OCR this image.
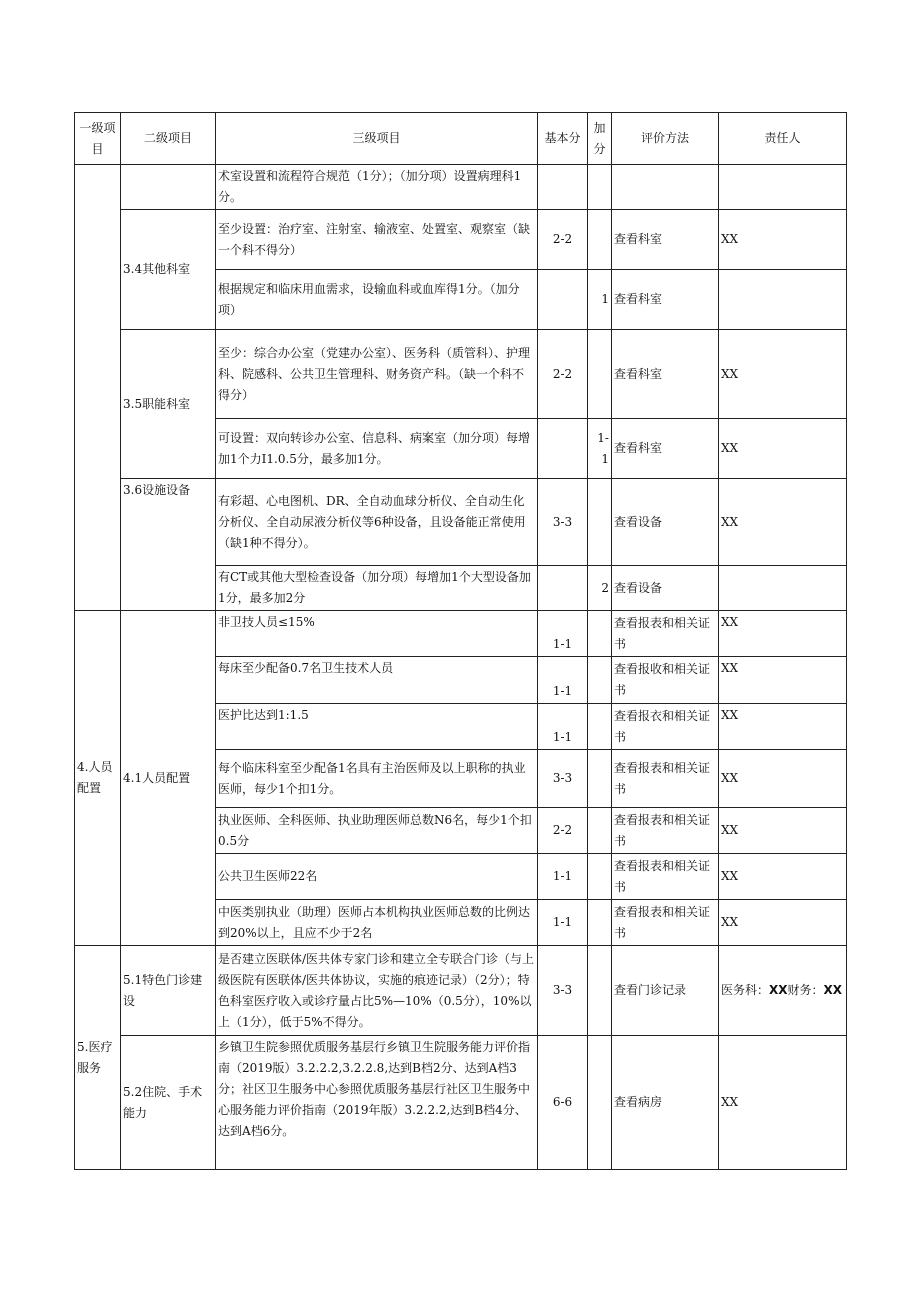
一级项目	二级项目	三级项目	基本分	加分	评价方法	责任人
		术室设置和流程符合规范（1分）；（加分项）设置病理科1分。				
	3.4其他科室	至少设置：治疗室、注射室、输液室、处置室、观察室（缺一个科不得分）	2-2		查看科室	XX
		根据规定和临床用血需求，设输血科或血库得1分。（加分项）		1	查看科室	
	3.5职能科室	至少：综合办公室（党建办公室）、医务科（质管科）、护理科、院感科、公共卫生管理科、财务资产科。（缺一个科不得分）	2-2		查看科室	XX
		可设置：双向转诊办公室、信息科、病案室（加分项）每增加1个力I1.0.5分，最多加1分。		1-1	查看科室	XX
	3.6设施设备	有彩超、心电图机、DR、全自动血球分析仪、全自动生化分析仪、全自动尿液分析仪等6种设备，且设备能正常使用（缺1种不得分）。	3-3		查看设备	XX
		有CT或其他大型检查设备（加分项）每增加1个大型设备加1分，最多加2分		2	查看设备	
4.人员配置	4.1人员配置	非卫技人员≤15%	1-1		查看报表和相关证书	XX
		每床至少配备0.7名卫生技术人员	1-1		查看报收和相关证书	XX
		医护比达到1:1.5	1-1		查看报衣和相关证书	XX
		每个临床科室至少配备1名具有主治医师及以上职称的执业医师，每少1个扣1分。	3-3		查看报表和相关证书	XX
		执业医师、全科医师、执业助理医师总数N6名，每少1个扣0.5分	2-2		查看报表和相关证书	XX
		公共卫生医师22名	1-1		查看报表和相关证书	XX
		中医类别执业（助理）医师占本机构执业医师总数的比例达到20%以上，且应不少于2名	1-1		查看报表和相关证书	XX
5.医疗服务	5.1特色门诊建设	是否建立医联体/医共体专家门诊和建立全专联合门诊（与上级医院有医联体/医共体协议，实施的痕迹记录）（2分）；特色科室医疗收入或诊疗量占比5%—10%（0.5分），10%以上（1分），低于5%不得分。	3-3		查看门诊记录	医务科：XX财务：XX
	5.2住院、手术能力	乡镇卫生院参照优质服务基层行乡镇卫生院服务能力评价指南（2019版）3.2.2.2,3.2.2.8,达到B档2分、达到A档3分；社区卫生服务中心参照优质服务基层行社区卫生服务中心服务能力评价指南（2019年版）3.2.2.2,达到B档4分、达到A档6分。	6-6		查看病房	XX
